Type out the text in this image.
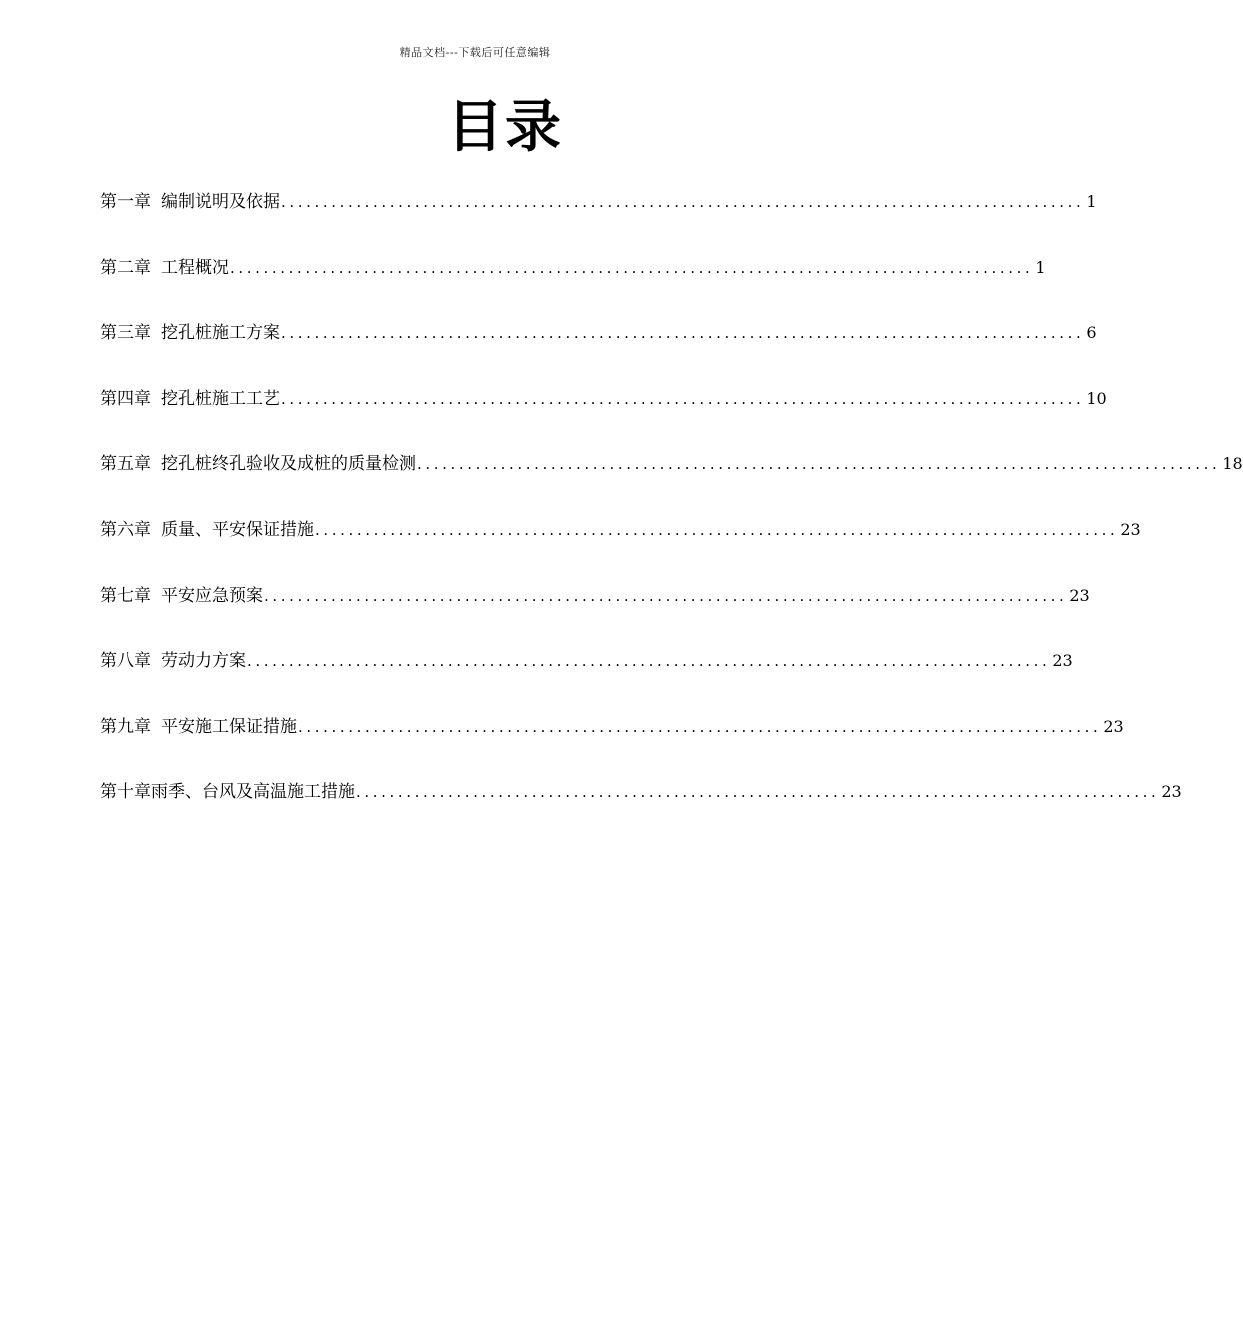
精品文档---下载后可任意编辑
目录
第一章 编制说明及依据 ................................................................................................ 1
第二章 工程概况 ................................................................................................ 1
第三章 挖孔桩施工方案 ................................................................................................ 6
第四章 挖孔桩施工工艺 ................................................................................................ 10
第五章 挖孔桩终孔验收及成桩的质量检测 ................................................................................................ 18
第六章 质量、平安保证措施 ................................................................................................ 23
第七章 平安应急预案 ................................................................................................ 23
第八章 劳动力方案 ................................................................................................ 23
第九章 平安施工保证措施 ................................................................................................ 23
第十章 雨季、台风及高温施工措施 ................................................................................................ 23
